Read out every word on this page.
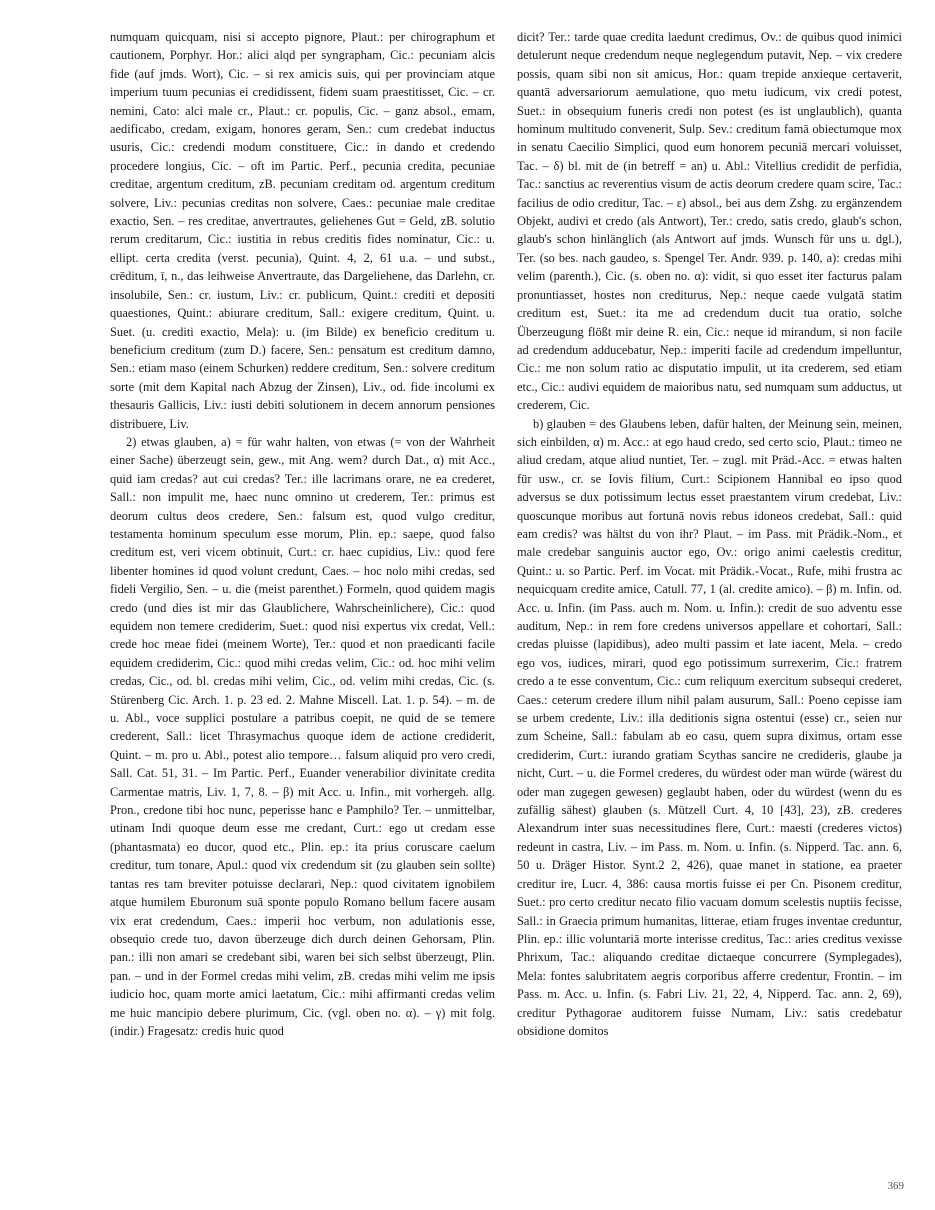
numquam quicquam, nisi si accepto pignore, Plaut.: per chirographum et cautionem, Porphyr. Hor.: alici alqd per syngrapham, Cic.: pecuniam alcis fide (auf jmds. Wort), Cic. – si rex amicis suis, qui per provinciam atque imperium tuum pecunias ei credidissent, fidem suam praestitisset, Cic. – cr. nemini, Cato: alci male cr., Plaut.: cr. populis, Cic. – ganz absol., emam, aedificabo, credam, exigam, honores geram, Sen.: cum credebat inductus usuris, Cic.: credendi modum constituere, Cic.: in dando et credendo procedere longius, Cic. – oft im Partic. Perf., pecunia credita, pecuniae creditae, argentum creditum, zB. pecuniam creditam od. argentum creditum solvere, Liv.: pecunias creditas non solvere, Caes.: pecuniae male creditae exactio, Sen. – res creditae, anvertrautes, geliehenes Gut = Geld, zB. solutio rerum creditarum, Cic.: iustitia in rebus creditis fides nominatur, Cic.: u. ellipt. certa credita (verst. pecunia), Quint. 4, 2, 61 u.a. – und subst., crēditum, ī, n., das leihweise Anvertraute, das Dargeliehene, das Darlehn, cr. insolubile, Sen.: cr. iustum, Liv.: cr. publicum, Quint.: crediti et depositi quaestiones, Quint.: abiurare creditum, Sall.: exigere creditum, Quint. u. Suet. (u. crediti exactio, Mela): u. (im Bilde) ex beneficio creditum u. beneficium creditum (zum D.) facere, Sen.: pensatum est creditum damno, Sen.: etiam maso (einem Schurken) reddere creditum, Sen.: solvere creditum sorte (mit dem Kapital nach Abzug der Zinsen), Liv., od. fide incolumi ex thesauris Gallicis, Liv.: iusti debiti solutionem in decem annorum pensiones distribuere, Liv.

2) etwas glauben, a) = für wahr halten, von etwas (= von der Wahrheit einer Sache) überzeugt sein, gew., mit Ang. wem? durch Dat., α) mit Acc., quid iam credas? aut cui credas? Ter.: ille lacrimans orare, ne ea crederet, Sall.: non impulit me, haec nunc omnino ut crederem, Ter.: primus est deorum cultus deos credere, Sen.: falsum est, quod vulgo creditur, testamenta hominum speculum esse morum, Plin. ep.: saepe, quod falso creditum est, veri vicem obtinuit, Curt.: cr. haec cupidius, Liv.: quod fere libenter homines id quod volunt credunt, Caes. – hoc nolo mihi credas, sed fideli Vergilio, Sen. – u. die (meist parenthet.) Formeln, quod quidem magis credo (und dies ist mir das Glaublichere, Wahrscheinlichere), Cic.: quod equidem non temere crediderim, Suet.: quod nisi expertus vix credat, Vell.: crede hoc meae fidei (meinem Worte), Ter.: quod et non praedicanti facile equidem crediderim, Cic.: quod mihi credas velim, Cic.: od. hoc mihi velim credas, Cic., od. bl. credas mihi velim, Cic., od. velim mihi credas, Cic. (s. Stürenberg Cic. Arch. 1. p. 23 ed. 2. Mahne Miscell. Lat. 1. p. 54). – m. de u. Abl., voce supplici postulare a patribus coepit, ne quid de se temere crederent, Sall.: licet Thrasymachus quoque idem de actione crediderit, Quint. – m. pro u. Abl., potest alio tempore… falsum aliquid pro vero credi, Sall. Cat. 51, 31. – Im Partic. Perf., Euander venerabilior divinitate credita Carmentae matris, Liv. 1, 7, 8. – β) mit Acc. u. Infin., mit vorhergeh. allg. Pron., credone tibi hoc nunc, peperisse hanc e Pamphilo? Ter. – unmittelbar, utinam Indi quoque deum esse me credant, Curt.: ego ut credam esse (phantasmata) eo ducor, quod etc., Plin. ep.: ita prius coruscare caelum creditur, tum tonare, Apul.: quod vix credendum sit (zu glauben sein sollte) tantas res tam breviter potuisse declarari, Nep.: quod civitatem ignobilem atque humilem Eburonum suā sponte populo Romano bellum facere ausam vix erat credendum, Caes.: imperii hoc verbum, non adulationis esse, obsequio crede tuo, davon überzeuge dich durch deinen Gehorsam, Plin. pan.: illi non amari se credebant sibi, waren bei sich selbst überzeugt, Plin. pan. – und in der Formel credas mihi velim, zB. credas mihi velim me ipsis iudicio hoc, quam morte amici laetatum, Cic.: mihi affirmanti credas velim me huic mancipio debere plurimum, Cic. (vgl. oben no. α). – γ) mit folg. (indir.) Fragesatz: credis huic quod

dicit? Ter.: tarde quae credita laedunt credimus, Ov.: de quibus quod inimici detulerunt neque credendum neque neglegendum putavit, Nep. – vix credere possis, quam sibi non sit amicus, Hor.: quam trepide anxieque certaverit, quantā adversariorum aemulatione, quo metu iudicum, vix credi potest, Suet.: in obsequium funeris credi non potest (es ist unglaublich), quanta hominum multitudo convenerit, Sulp. Sev.: creditum famā obiectumque mox in senatu Caecilio Simplici, quod eum honorem pecuniā mercari voluisset, Tac. – δ) bl. mit de (in betreff = an) u. Abl.: Vitellius credidit de perfidia, Tac.: sanctius ac reverentius visum de actis deorum credere quam scire, Tac.: facilius de odio creditur, Tac. – ε) absol., bei aus dem Zshg. zu ergänzendem Objekt, audivi et credo (als Antwort), Ter.: credo, satis credo, glaub's schon, glaub's schon hinlänglich (als Antwort auf jmds. Wunsch für uns u. dgl.), Ter. (so bes. nach gaudeo, s. Spengel Ter. Andr. 939. p. 140, a): credas mihi velim (parenth.), Cic. (s. oben no. α): vidit, si quo esset iter facturus palam pronuntiasset, hostes non crediturus, Nep.: neque caede vulgatā statim creditum est, Suet.: ita me ad credendum ducit tua oratio, solche Überzeugung flößt mir deine R. ein, Cic.: neque id mirandum, si non facile ad credendum adducebatur, Nep.: imperiti facile ad credendum impelluntur, Cic.: me non solum ratio ac disputatio impulit, ut ita crederem, sed etiam etc., Cic.: audivi equidem de maioribus natu, sed numquam sum adductus, ut crederem, Cic.

b) glauben = des Glaubens leben, dafür halten, der Meinung sein, meinen, sich einbilden, α) m. Acc.: at ego haud credo, sed certo scio, Plaut.: timeo ne aliud credam, atque aliud nuntiet, Ter. – zugl. mit Präd.-Acc. = etwas halten für usw., cr. se Iovis filium, Curt.: Scipionem Hannibal eo ipso quod adversus se dux potissimum lectus esset praestantem virum credebat, Liv.: quoscunque moribus aut fortunā novis rebus idoneos credebat, Sall.: quid eam credis? was hältst du von ihr? Plaut. – im Pass. mit Prädik.-Nom., et male credebar sanguinis auctor ego, Ov.: origo animi caelestis creditur, Quint.: u. so Partic. Perf. im Vocat. mit Prädik.-Vocat., Rufe, mihi frustra ac nequicquam credite amice, Catull. 77, 1 (al. credite amico). – β) m. Infin. od. Acc. u. Infin. (im Pass. auch m. Nom. u. Infin.): credit de suo adventu esse auditum, Nep.: in rem fore credens universos appellare et cohortari, Sall.: credas pluisse (lapidibus), adeo multi passim et late iacent, Mela. – credo ego vos, iudices, mirari, quod ego potissimum surrexerim, Cic.: fratrem credo a te esse conventum, Cic.: cum reliquum exercitum subsequi crederet, Caes.: ceterum credere illum nihil palam ausurum, Sall.: Poeno cepisse iam se urbem credente, Liv.: illa deditionis signa ostentui (esse) cr., seien nur zum Scheine, Sall.: fabulam ab eo casu, quem supra diximus, ortam esse crediderim, Curt.: iurando gratiam Scythas sancire ne credideris, glaube ja nicht, Curt. – u. die Formel crederes, du würdest oder man würde (wärest du oder man zugegen gewesen) geglaubt haben, oder du würdest (wenn du es zufällig sähest) glauben (s. Mützell Curt. 4, 10 [43], 23), zB. crederes Alexandrum inter suas necessitudines flere, Curt.: maesti (crederes victos) redeunt in castra, Liv. – im Pass. m. Nom. u. Infin. (s. Nipperd. Tac. ann. 6, 50 u. Dräger Histor. Synt.2 2, 426), quae manet in statione, ea praeter creditur ire, Lucr. 4, 386: causa mortis fuisse ei per Cn. Pisonem creditur, Suet.: pro certo creditur necato filio vacuam domum scelestis nuptiis fecisse, Sall.: in Graecia primum humanitas, litterae, etiam fruges inventae creduntur, Plin. ep.: illic voluntariā morte interisse creditus, Tac.: aries creditus vexisse Phrixum, Tac.: aliquando creditae dictaeque concurrere (Symplegades), Mela: fontes salubritatem aegris corporibus afferre credentur, Frontin. – im Pass. m. Acc. u. Infin. (s. Fabri Liv. 21, 22, 4, Nipperd. Tac. ann. 2, 69), creditur Pythagorae auditorem fuisse Numam, Liv.: satis credebatur obsidione domitos

369
